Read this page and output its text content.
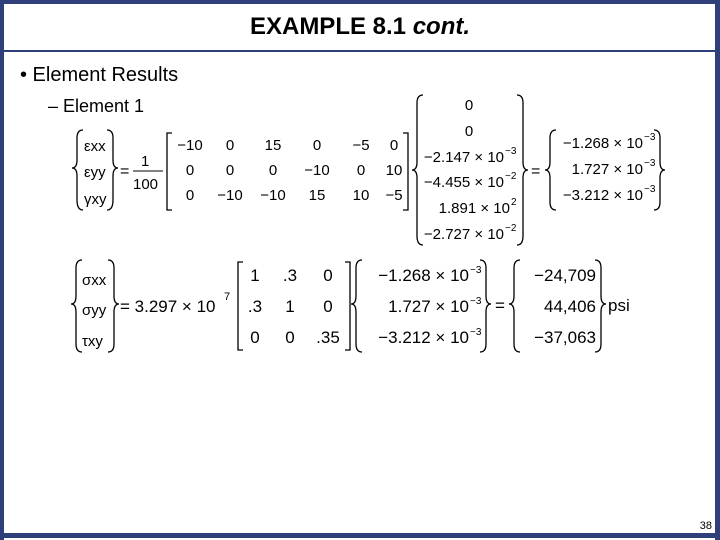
EXAMPLE 8.1 cont.
• Element Results
– Element 1
εxx
εyy
γxy
=
1
100
−10 0 15 0 −5 0
0 0 0 −10 0 10
0 −10 −10 15 10 −5
0
0
−2.147 × 10 −3
−4.455 × 10 −2
1.891 × 10 2
−2.727 × 10 −2
=
−1.268 × 10 −3
1.727 × 10 −3
−3.212 × 10 −3
σxx
σyy
τxy
= 3.297 × 10 7
1 .3 0
.3 1 0
0 0 .35
−1.268 × 10 −3
1.727 × 10 −3
−3.212 × 10 −3
=
−24,709
44,406
−37,063
psi
38
